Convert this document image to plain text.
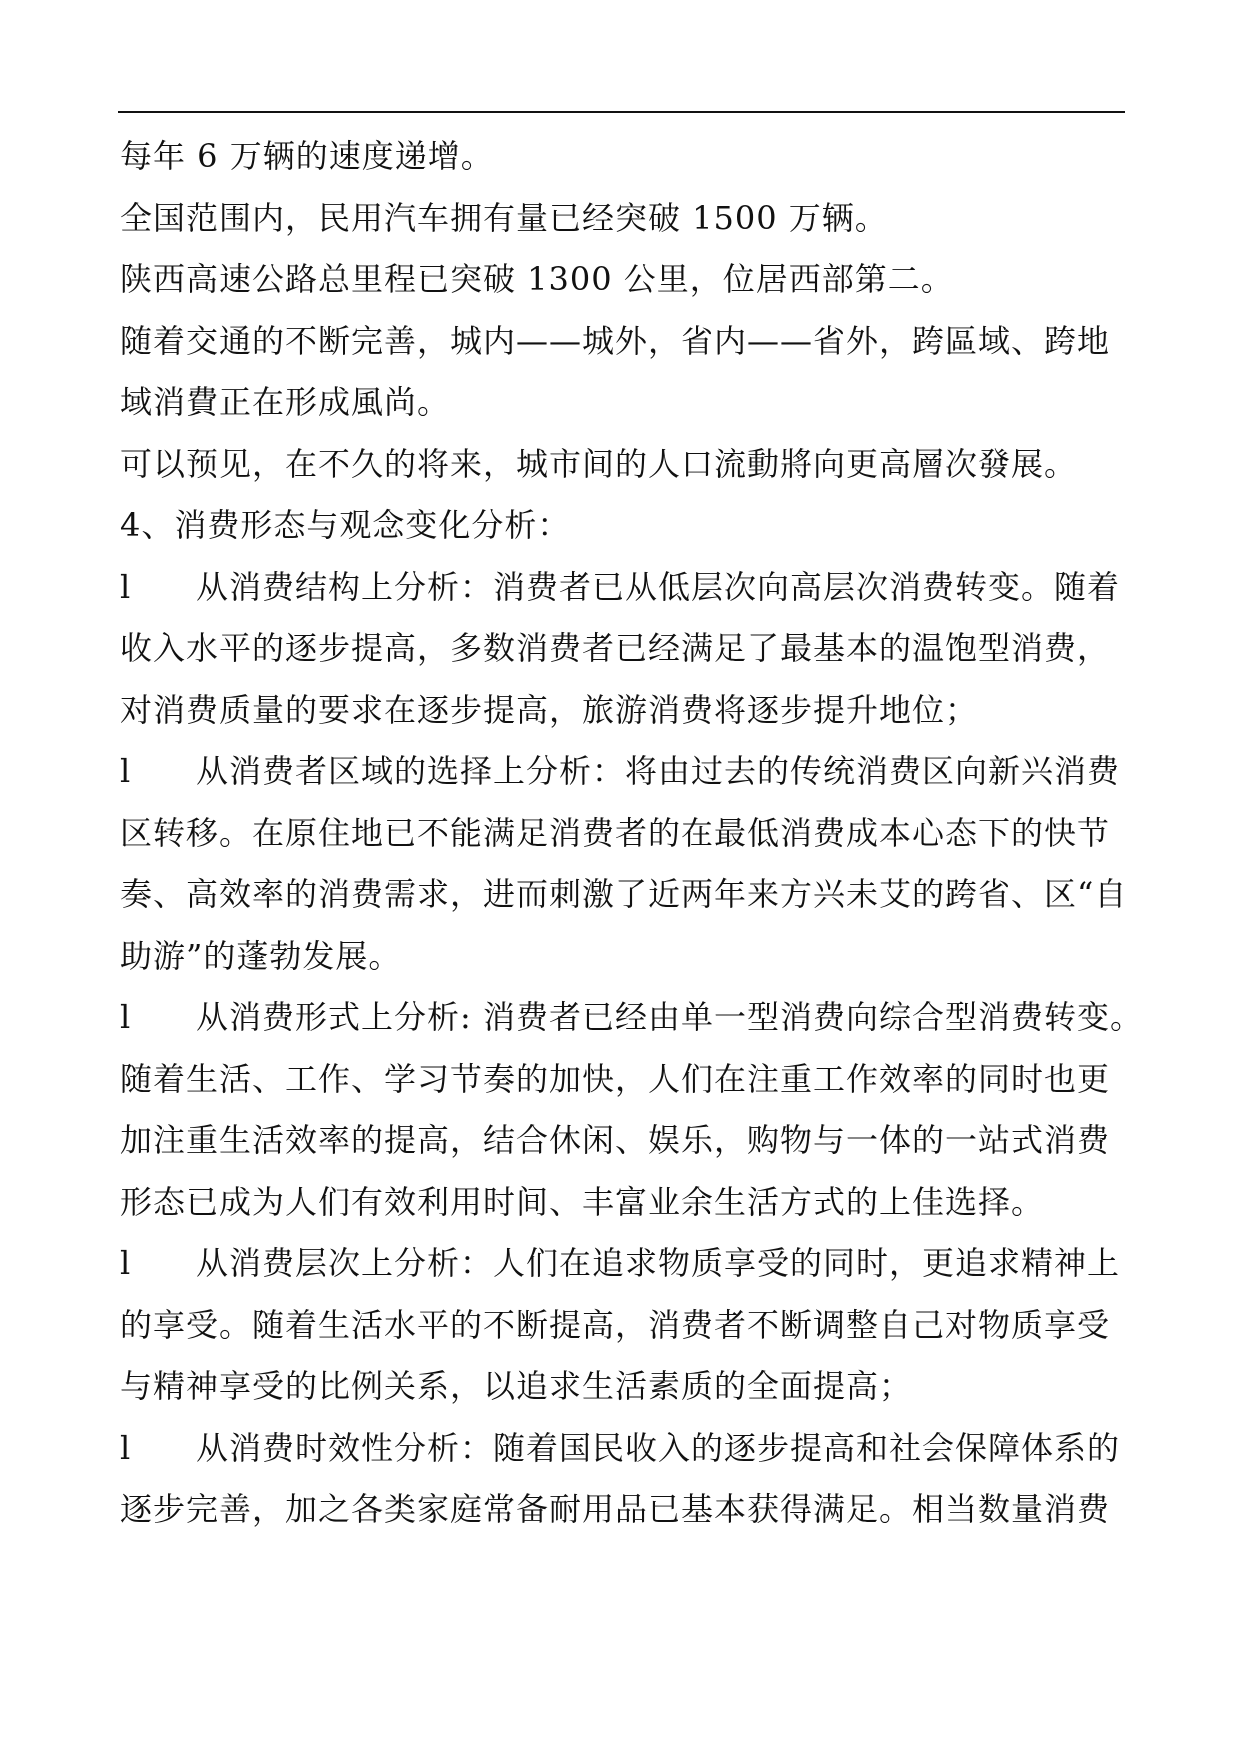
每年 6 万辆的速度递增。

全国范围内，民用汽车拥有量已经突破 1500 万辆。

陕西高速公路总里程已突破 1300 公里，位居西部第二。

随着交通的不断完善，城内——城外，省内——省外，跨區域、跨地

域消費正在形成風尚。

可以预见，在不久的将来，城市间的人口流動將向更高層次發展。

4、消费形态与观念变化分析：

l 从消费结构上分析：消费者已从低层次向高层次消费转变。随着
收入水平的逐步提高，多数消费者已经满足了最基本的温饱型消费，
对消费质量的要求在逐步提高，旅游消费将逐步提升地位；
l 从消费者区域的选择上分析：将由过去的传统消费区向新兴消费
区转移。在原住地已不能满足消费者的在最低消费成本心态下的快节
奏、高效率的消费需求，进而刺激了近两年来方兴未艾的跨省、区“自
助游”的蓬勃发展。
l 从消费形式上分析: 消费者已经由单一型消费向综合型消费转变。
随着生活、工作、学习节奏的加快，人们在注重工作效率的同时也更
加注重生活效率的提高，结合休闲、娱乐，购物与一体的一站式消费
形态已成为人们有效利用时间、丰富业余生活方式的上佳选择。
l 从消费层次上分析：人们在追求物质享受的同时，更追求精神上
的享受。随着生活水平的不断提高，消费者不断调整自己对物质享受
与精神享受的比例关系，以追求生活素质的全面提高；
l 从消费时效性分析：随着国民收入的逐步提高和社会保障体系的
逐步完善，加之各类家庭常备耐用品已基本获得满足。相当数量消费
